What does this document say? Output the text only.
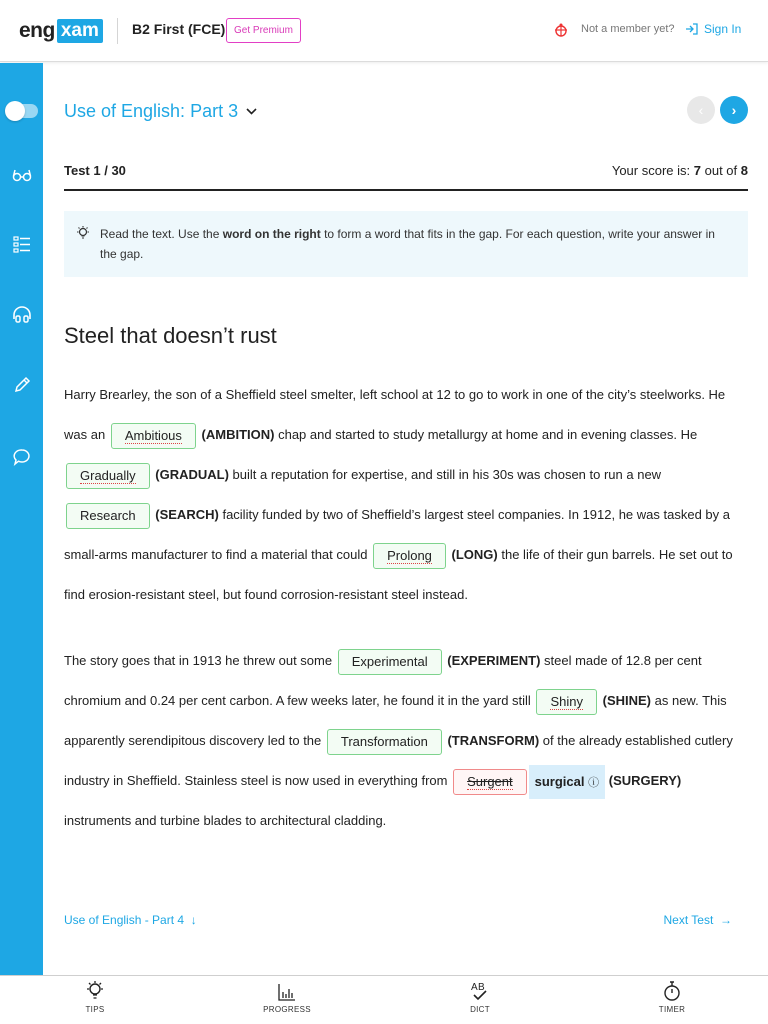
eng xam B2 First (FCE) Get Premium	Not a member yet? Sign In
Use of English:
Part 3	‹ ›
Test 1 / 30	Your score is: 7 out of 8
Read the text. Use the word on the right to form a word that fits in the gap. For each question, write your answer in the gap.
Steel that doesn’t rust
Harry Brearley, the son of a Sheffield steel smelter, left school at 12 to go to work in one of the city’s steelworks. He was an Ambitious (AMBITION) chap and started to study metallurgy at home and in evening classes. He Gradually (GRADUAL) built a reputation for expertise, and still in his 30s was chosen to run a new Research (SEARCH) facility funded by two of Sheffield’s largest steel companies. In 1912, he was tasked by a small-arms manufacturer to find a material that could Prolong (LONG) the life of their gun barrels. He set out to find erosion-resistant steel, but found corrosion-resistant steel instead.
The story goes that in 1913 he threw out some Experimental (EXPERIMENT) steel made of 12.8 per cent chromium and 0.24 per cent carbon. A few weeks later, he found it in the yard still Shiny (SHINE) as new. This apparently serendipitous discovery led to the Transformation (TRANSFORM) of the already established cutlery industry in Sheffield. Stainless steel is now used in everything from Surgent surgical ⓘ (SURGERY) instruments and turbine blades to architectural cladding.
Use of English - Part 4 ↓	Next Test →
TIPS	PROGRESS
AB
DICT	TIMER
